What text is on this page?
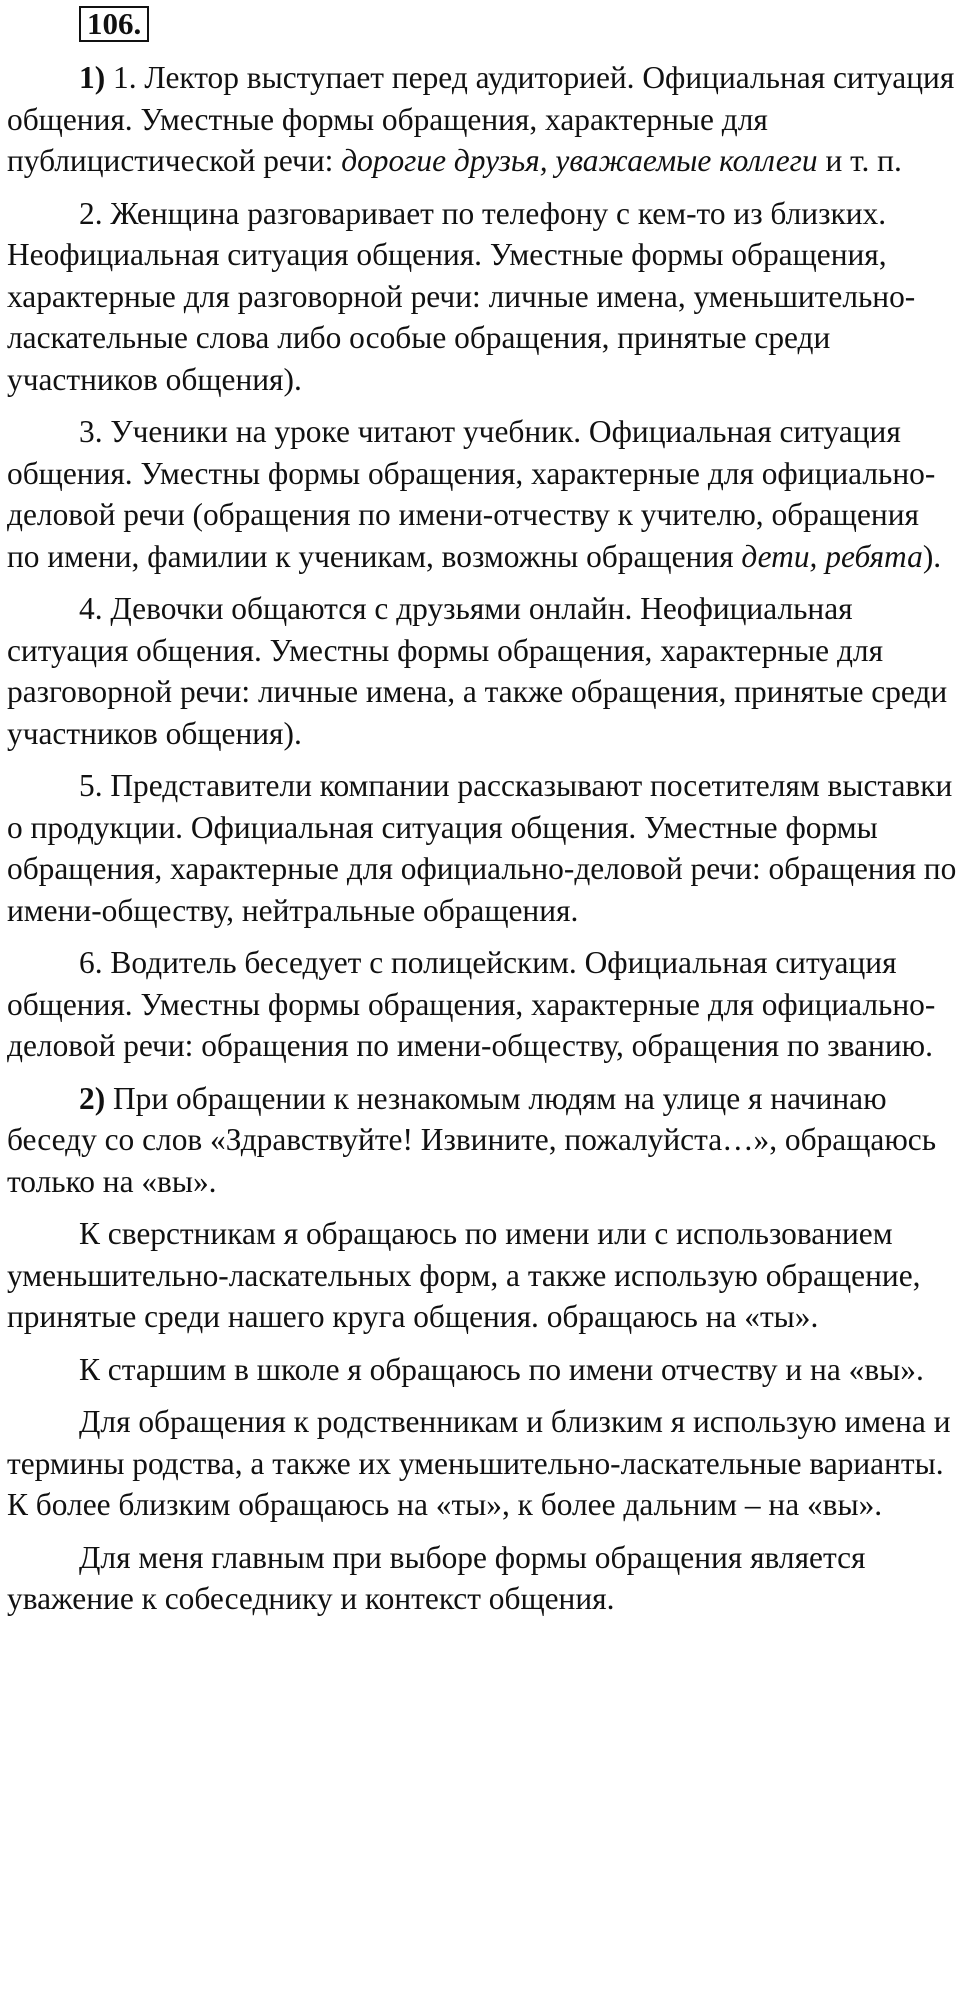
106.

1) 1. Лектор выступает перед аудиторией. Официальная ситуация общения. Уместные формы обращения, характерные для публицистической речи: дорогие друзья, уважаемые коллеги и т. п.

2. Женщина разговаривает по телефону с кем-то из близких. Неофициальная ситуация общения. Уместные формы обращения, характерные для разговорной речи: личные имена, уменьшительно-ласкательные слова либо особые обращения, принятые среди участников общения).

3. Ученики на уроке читают учебник. Официальная ситуация общения. Уместны формы обращения, характерные для официально-деловой речи (обращения по имени-отчеству к учителю, обращения по имени, фамилии к ученикам, возможны обращения дети, ребята).

4. Девочки общаются с друзьями онлайн. Неофициальная ситуация общения. Уместны формы обращения, характерные для разговорной речи: личные имена, а также обращения, принятые среди участников общения).

5. Представители компании рассказывают посетителям выставки о продукции. Официальная ситуация общения. Уместные формы обращения, характерные для официально-деловой речи: обращения по имени-обществу, нейтральные обращения.

6. Водитель беседует с полицейским. Официальная ситуация общения. Уместны формы обращения, характерные для официально-деловой речи: обращения по имени-обществу, обращения по званию.

2) При обращении к незнакомым людям на улице я начинаю беседу со слов «Здравствуйте! Извините, пожалуйста…», обращаюсь только на «вы».

К сверстникам я обращаюсь по имени или с использованием уменьшительно-ласкательных форм, а также использую обращение, принятые среди нашего круга общения. обращаюсь на «ты».

К старшим в школе я обращаюсь по имени отчеству и на «вы».

Для обращения к родственникам и близким я использую имена и термины родства, а также их уменьшительно-ласкательные варианты. К более близким обращаюсь на «ты», к более дальним – на «вы».

Для меня главным при выборе формы обращения является уважение к собеседнику и контекст общения.
